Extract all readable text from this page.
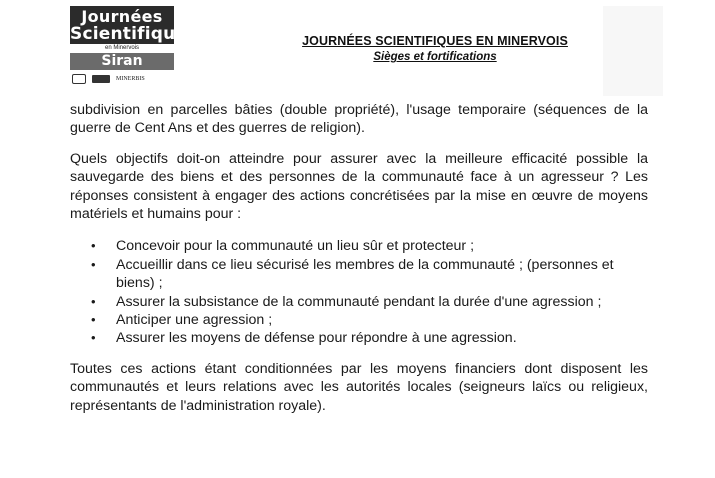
Journées
Scientifiques
en Minervois
Siran
MINERBIS
JOURNÉES SCIENTIFIQUES EN MINERVOIS
Sièges et fortifications

subdivision en parcelles bâties (double propriété), l'usage temporaire (séquences de la guerre de Cent Ans et des guerres de religion).

Quels objectifs doit-on atteindre pour assurer avec la meilleure efficacité possible la sauvegarde des biens et des personnes de la communauté face à un agresseur ? Les réponses consistent à engager des actions concrétisées par la mise en œuvre de moyens matériels et humains pour :

• Concevoir pour la communauté un lieu sûr et protecteur ;
• Accueillir dans ce lieu sécurisé les membres de la communauté ; (personnes et biens) ;
• Assurer la subsistance de la communauté pendant la durée d'une agression ;
• Anticiper une agression ;
• Assurer les moyens de défense pour répondre à une agression.

Toutes ces actions étant conditionnées par les moyens financiers dont disposent les communautés et leurs relations avec les autorités locales (seigneurs laïcs ou religieux, représentants de l'administration royale).
